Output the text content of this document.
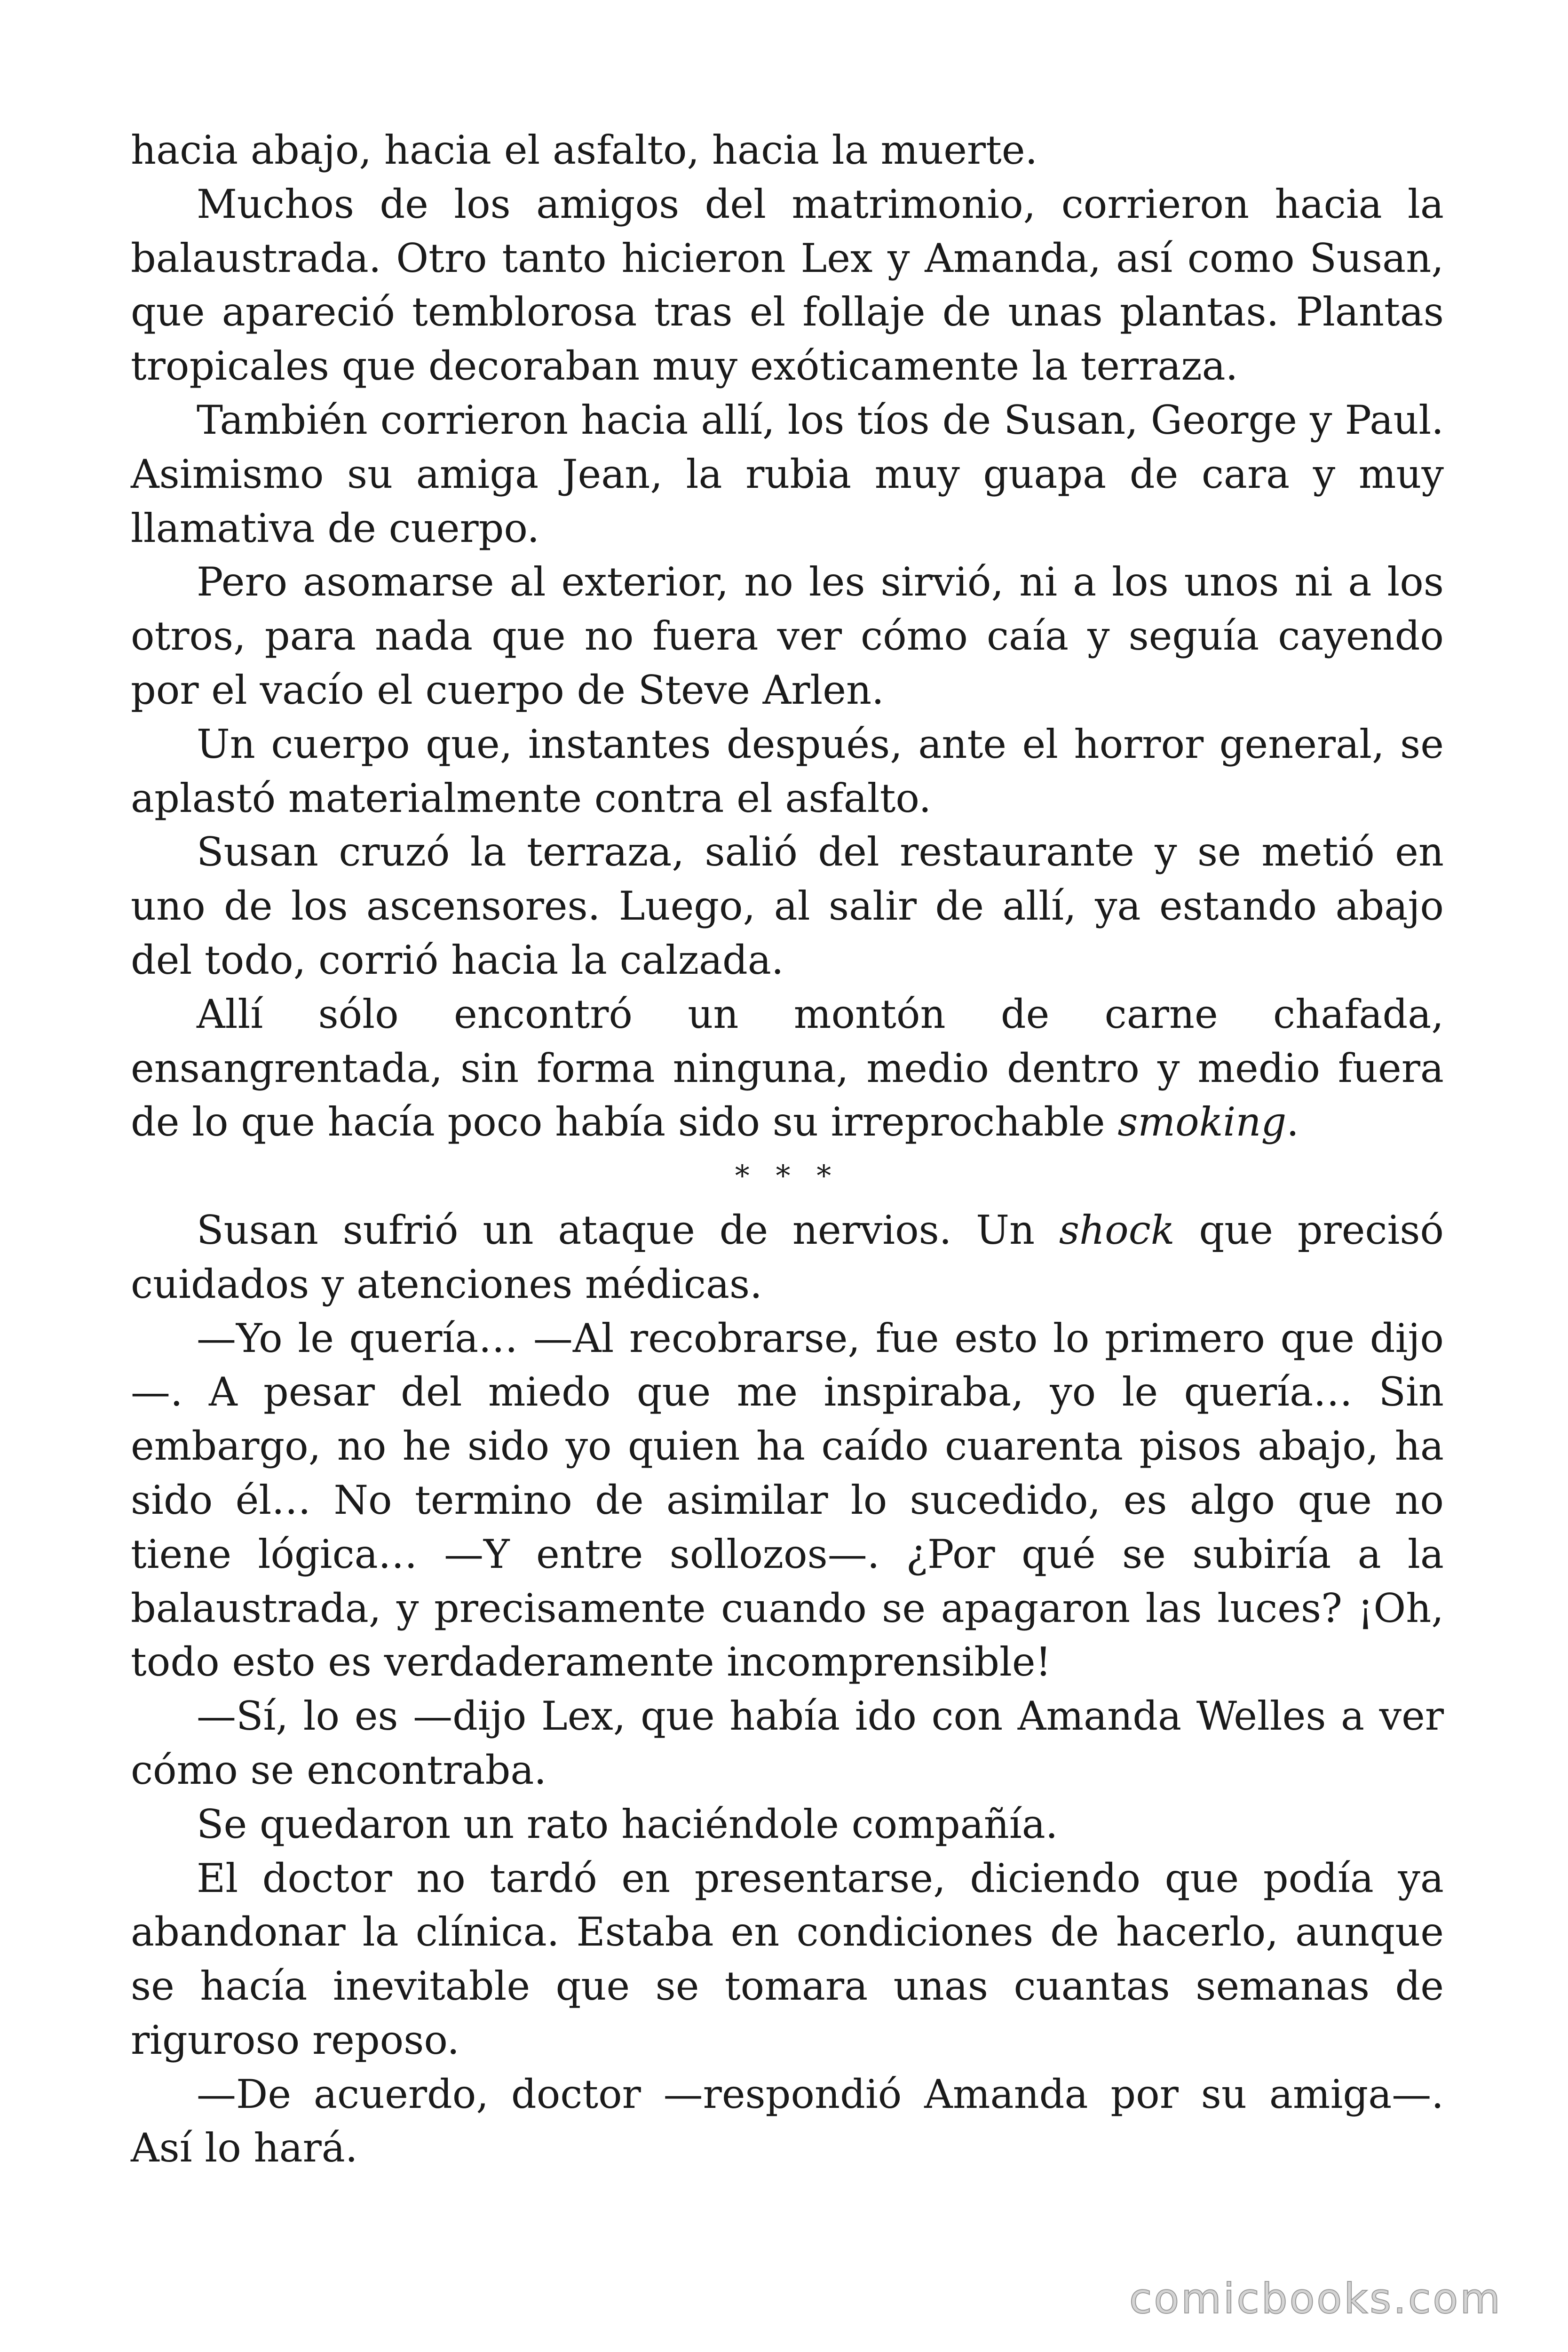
hacia abajo, hacia el asfalto, hacia la muerte.

Muchos de los amigos del matrimonio, corrieron hacia la balaustrada. Otro tanto hicieron Lex y Amanda, así como Susan, que apareció temblorosa tras el follaje de unas plantas. Plantas tropicales que decoraban muy exóticamente la terraza.

También corrieron hacia allí, los tíos de Susan, George y Paul. Asimismo su amiga Jean, la rubia muy guapa de cara y muy llamativa de cuerpo.

Pero asomarse al exterior, no les sirvió, ni a los unos ni a los otros, para nada que no fuera ver cómo caía y seguía cayendo por el vacío el cuerpo de Steve Arlen.

Un cuerpo que, instantes después, ante el horror general, se aplastó materialmente contra el asfalto.

Susan cruzó la terraza, salió del restaurante y se metió en uno de los ascensores. Luego, al salir de allí, ya estando abajo del todo, corrió hacia la calzada.

Allí sólo encontró un montón de carne chafada, ensangrentada, sin forma ninguna, medio dentro y medio fuera de lo que hacía poco había sido su irreprochable smoking.

* * *

Susan sufrió un ataque de nervios. Un shock que precisó cuidados y atenciones médicas.

—Yo le quería… —Al recobrarse, fue esto lo primero que dijo—. A pesar del miedo que me inspiraba, yo le quería… Sin embargo, no he sido yo quien ha caído cuarenta pisos abajo, ha sido él… No termino de asimilar lo sucedido, es algo que no tiene lógica… —Y entre sollozos—. ¿Por qué se subiría a la balaustrada, y precisamente cuando se apagaron las luces? ¡Oh, todo esto es verdaderamente incomprensible!

—Sí, lo es —dijo Lex, que había ido con Amanda Welles a ver cómo se encontraba.

Se quedaron un rato haciéndole compañía.

El doctor no tardó en presentarse, diciendo que podía ya abandonar la clínica. Estaba en condiciones de hacerlo, aunque se hacía inevitable que se tomara unas cuantas semanas de riguroso reposo.

—De acuerdo, doctor —respondió Amanda por su amiga—. Así lo hará.

comicbooks.com
